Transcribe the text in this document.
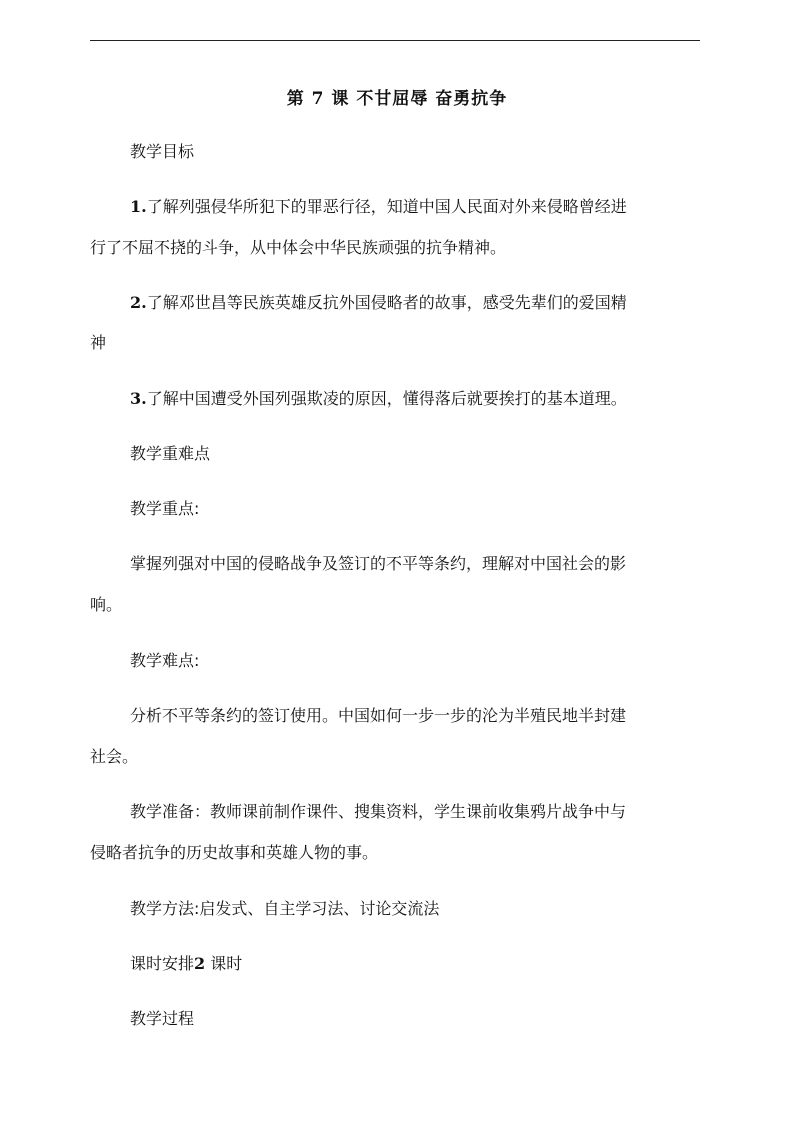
第 7 课 不甘屈辱 奋勇抗争
教学目标
1.了解列强侵华所犯下的罪恶行径，知道中国人民面对外来侵略曾经进
行了不屈不挠的斗争，从中体会中华民族顽强的抗争精神。
2.了解邓世昌等民族英雄反抗外国侵略者的故事，感受先辈们的爱国精
神
3.了解中国遭受外国列强欺凌的原因，懂得落后就要挨打的基本道理。
教学重难点
教学重点:
掌握列强对中国的侵略战争及签订的不平等条约，理解对中国社会的影
响。
教学难点:
分析不平等条约的签订使用。中国如何一步一步的沦为半殖民地半封建
社会。
教学准备：教师课前制作课件、搜集资料，学生课前收集鸦片战争中与
侵略者抗争的历史故事和英雄人物的事。
教学方法:启发式、自主学习法、讨论交流法
课时安排2 课时
教学过程
